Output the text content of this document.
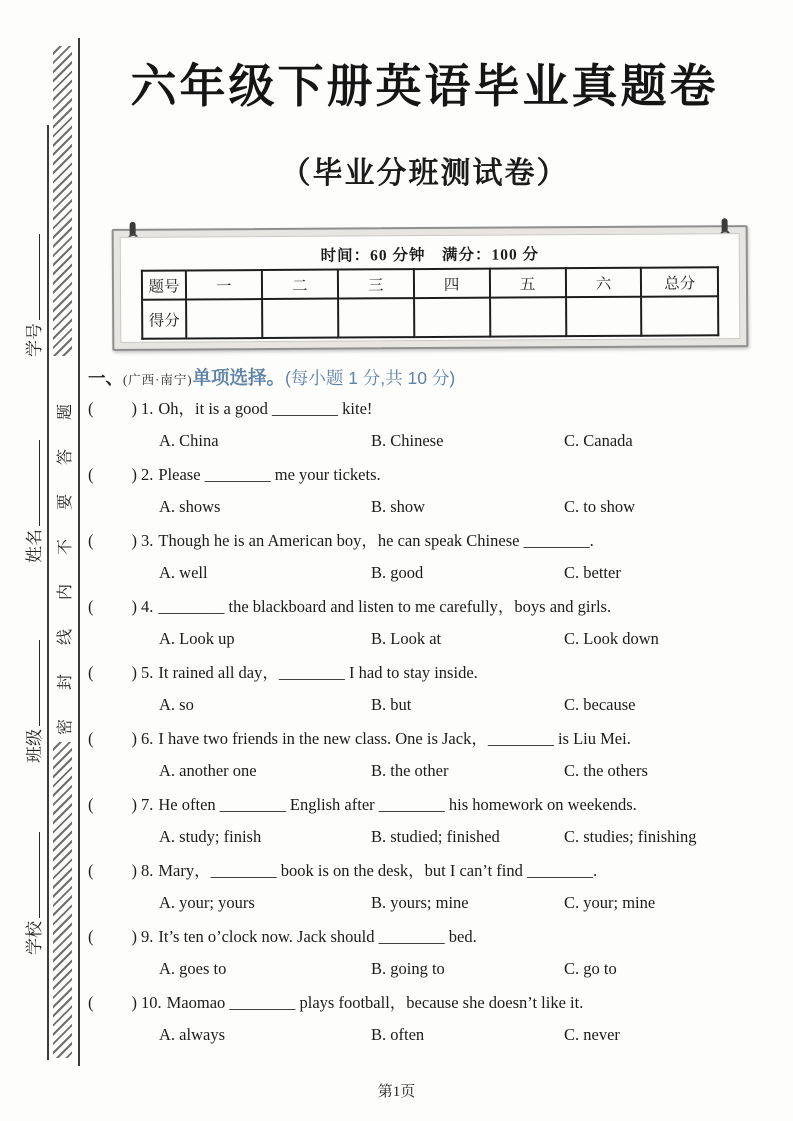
密封线内不要答题
学号
姓名
班级
学校
六年级下册英语毕业真题卷
（毕业分班测试卷）
时间：60 分钟　满分：100 分
题号	一	二	三	四	五	六	总分
得分							
一、(广西·南宁)单项选择。(每小题 1 分,共 10 分)
( ) 1. Oh，it is a good ________ kite!
A. China	B. Chinese	C. Canada
( ) 2. Please ________ me your tickets.
A. shows	B. show	C. to show
( ) 3. Though he is an American boy，he can speak Chinese ________.
A. well	B. good	C. better
( ) 4. ________ the blackboard and listen to me carefully，boys and girls.
A. Look up	B. Look at	C. Look down
( ) 5. It rained all day，________ I had to stay inside.
A. so	B. but	C. because
( ) 6. I have two friends in the new class. One is Jack，________ is Liu Mei.
A. another one	B. the other	C. the others
( ) 7. He often ________ English after ________ his homework on weekends.
A. study; finish	B. studied; finished	C. studies; finishing
( ) 8. Mary，________ book is on the desk，but I can’t find ________.
A. your; yours	B. yours; mine	C. your; mine
( ) 9. It’s ten o’clock now. Jack should ________ bed.
A. goes to	B. going to	C. go to
( ) 10. Maomao ________ plays football，because she doesn’t like it.
A. always	B. often	C. never
第1页
